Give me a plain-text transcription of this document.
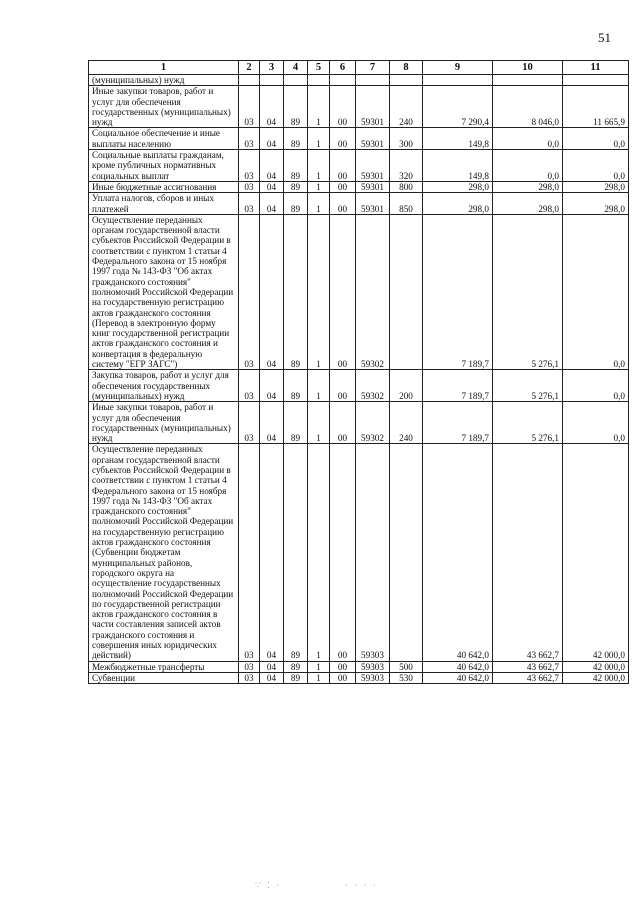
51
1	2	3	4	5	6	7	8	9	10	11
(муниципальных) нужд										
Иные закупки товаров, работ и услуг для обеспечения государственных (муниципальных) нужд	03	04	89	1	00	59301	240	7 290,4	8 046,0	11 665,9
Социальное обеспечение и иные выплаты населению	03	04	89	1	00	59301	300	149,8	0,0	0,0
Социальные выплаты гражданам, кроме публичных нормативных социальных выплат	03	04	89	1	00	59301	320	149,8	0,0	0,0
Иные бюджетные ассигнования	03	04	89	1	00	59301	800	298,0	298,0	298,0
Уплата налогов, сборов и иных платежей	03	04	89	1	00	59301	850	298,0	298,0	298,0
Осуществление переданных органам государственной власти субъектов Российской Федерации в соответствии с пунктом 1 статьи 4 Федерального закона от 15 ноября 1997 года № 143-ФЗ "Об актах гражданского состояния" полномочий Российской Федерации на государственную регистрацию актов гражданского состояния (Перевод в электронную форму книг государственной регистрации актов гражданского состояния и конвертация в федеральную систему "ЕГР ЗАГС")	03	04	89	1	00	59302		7 189,7	5 276,1	0,0
Закупка товаров, работ и услуг для обеспечения государственных (муниципальных) нужд	03	04	89	1	00	59302	200	7 189,7	5 276,1	0,0
Иные закупки товаров, работ и услуг для обеспечения государственных (муниципальных) нужд	03	04	89	1	00	59302	240	7 189,7	5 276,1	0,0
Осуществление переданных органам государственной власти субъектов Российской Федерации в соответствии с пунктом 1 статьи 4 Федерального закона от 15 ноября 1997 года № 143-ФЗ "Об актах гражданского состояния" полномочий Российской Федерации на государственную регистрацию актов гражданского состояния (Субвенции бюджетам муниципальных районов, городского округа на осуществление государственных полномочий Российской Федерации по государственной регистрации актов гражданского состояния в части составления записей актов гражданского состояния и совершения иных юридических действий)	03	04	89	1	00	59303		40 642,0	43 662,7	42 000,0
Межбюджетные трансферты	03	04	89	1	00	59303	500	40 642,0	43 662,7	42 000,0
Субвенции	03	04	89	1	00	59303	530	40 642,0	43 662,7	42 000,0
∵ ⁚ ·	· · · ·
